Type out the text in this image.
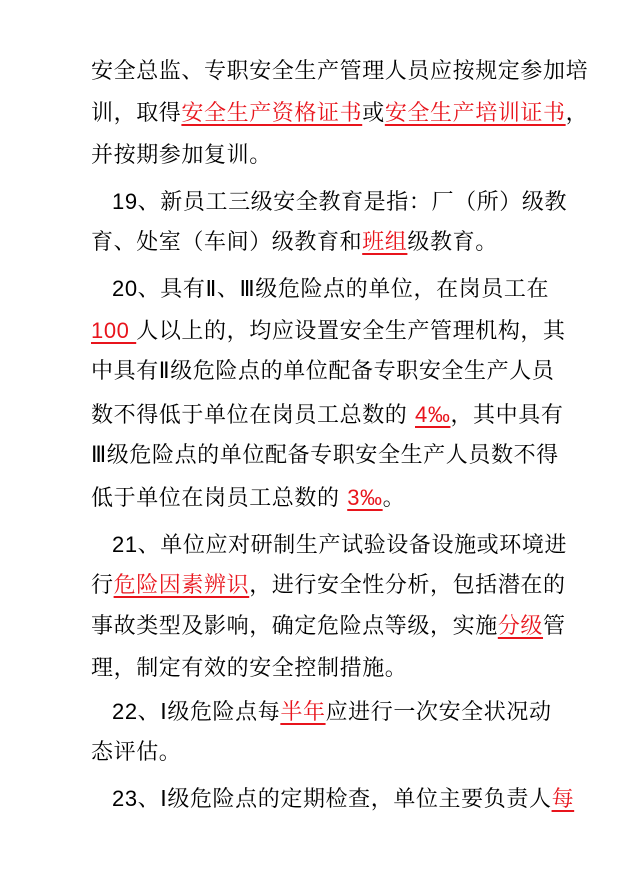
安全总监、专职安全生产管理人员应按规定参加培
训，取得安全生产资格证书或安全生产培训证书，
并按期参加复训。
19、新员工三级安全教育是指：厂（所）级教
育、处室（车间）级教育和班组级教育。
20、具有Ⅱ、Ⅲ级危险点的单位，在岗员工在
100 人以上的，均应设置安全生产管理机构，其
中具有Ⅱ级危险点的单位配备专职安全生产人员
数不得低于单位在岗员工总数的 4‰，其中具有
Ⅲ级危险点的单位配备专职安全生产人员数不得
低于单位在岗员工总数的 3‰。
21、单位应对研制生产试验设备设施或环境进
行危险因素辨识，进行安全性分析，包括潜在的
事故类型及影响，确定危险点等级，实施分级管
理，制定有效的安全控制措施。
22、Ⅰ级危险点每半年应进行一次安全状况动
态评估。
23、Ⅰ级危险点的定期检查，单位主要负责人每
